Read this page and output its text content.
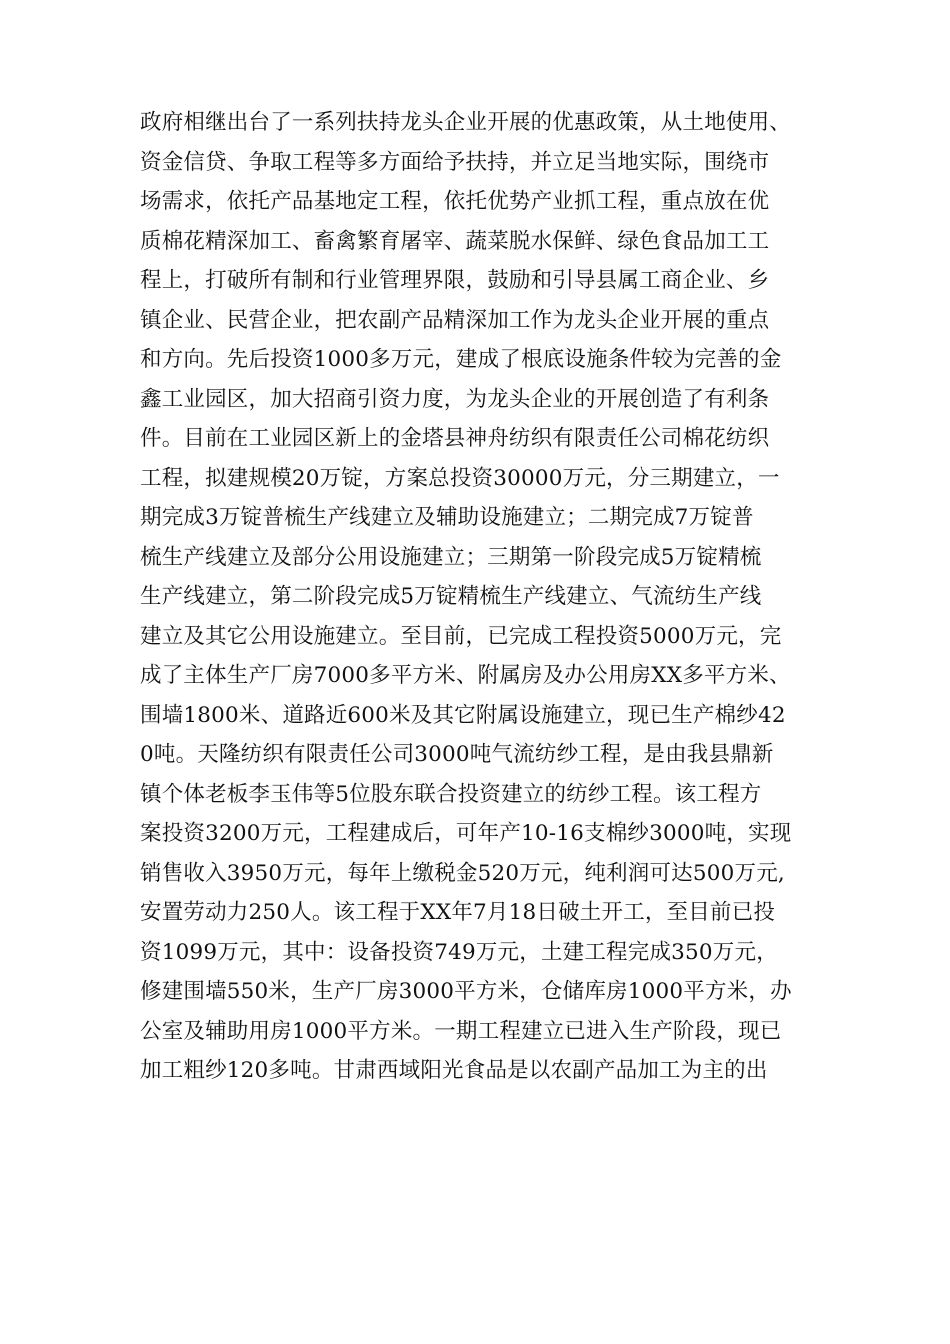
政府相继出台了一系列扶持龙头企业开展的优惠政策，从土地使用、
资金信贷、争取工程等多方面给予扶持，并立足当地实际，围绕市
场需求，依托产品基地定工程，依托优势产业抓工程，重点放在优
质棉花精深加工、畜禽繁育屠宰、蔬菜脱水保鲜、绿色食品加工工
程上，打破所有制和行业管理界限，鼓励和引导县属工商企业、乡
镇企业、民营企业，把农副产品精深加工作为龙头企业开展的重点
和方向。先后投资1000多万元，建成了根底设施条件较为完善的金
鑫工业园区，加大招商引资力度，为龙头企业的开展创造了有利条
件。目前在工业园区新上的金塔县神舟纺织有限责任公司棉花纺织
工程，拟建规模20万锭，方案总投资30000万元，分三期建立，一
期完成3万锭普梳生产线建立及辅助设施建立；二期完成7万锭普
梳生产线建立及部分公用设施建立；三期第一阶段完成5万锭精梳
生产线建立，第二阶段完成5万锭精梳生产线建立、气流纺生产线
建立及其它公用设施建立。至目前，已完成工程投资5000万元，完
成了主体生产厂房7000多平方米、附属房及办公用房XX多平方米、
围墙1800米、道路近600米及其它附属设施建立，现已生产棉纱42
0吨。天隆纺织有限责任公司3000吨气流纺纱工程，是由我县鼎新
镇个体老板李玉伟等5位股东联合投资建立的纺纱工程。该工程方
案投资3200万元，工程建成后，可年产10-16支棉纱3000吨，实现
销售收入3950万元，每年上缴税金520万元，纯利润可达500万元,
安置劳动力250人。该工程于XX年7月18日破土开工，至目前已投
资1099万元，其中：设备投资749万元，土建工程完成350万元，
修建围墙550米，生产厂房3000平方米，仓储库房1000平方米，办
公室及辅助用房1000平方米。一期工程建立已进入生产阶段，现已
加工粗纱120多吨。甘肃西域阳光食品是以农副产品加工为主的出
